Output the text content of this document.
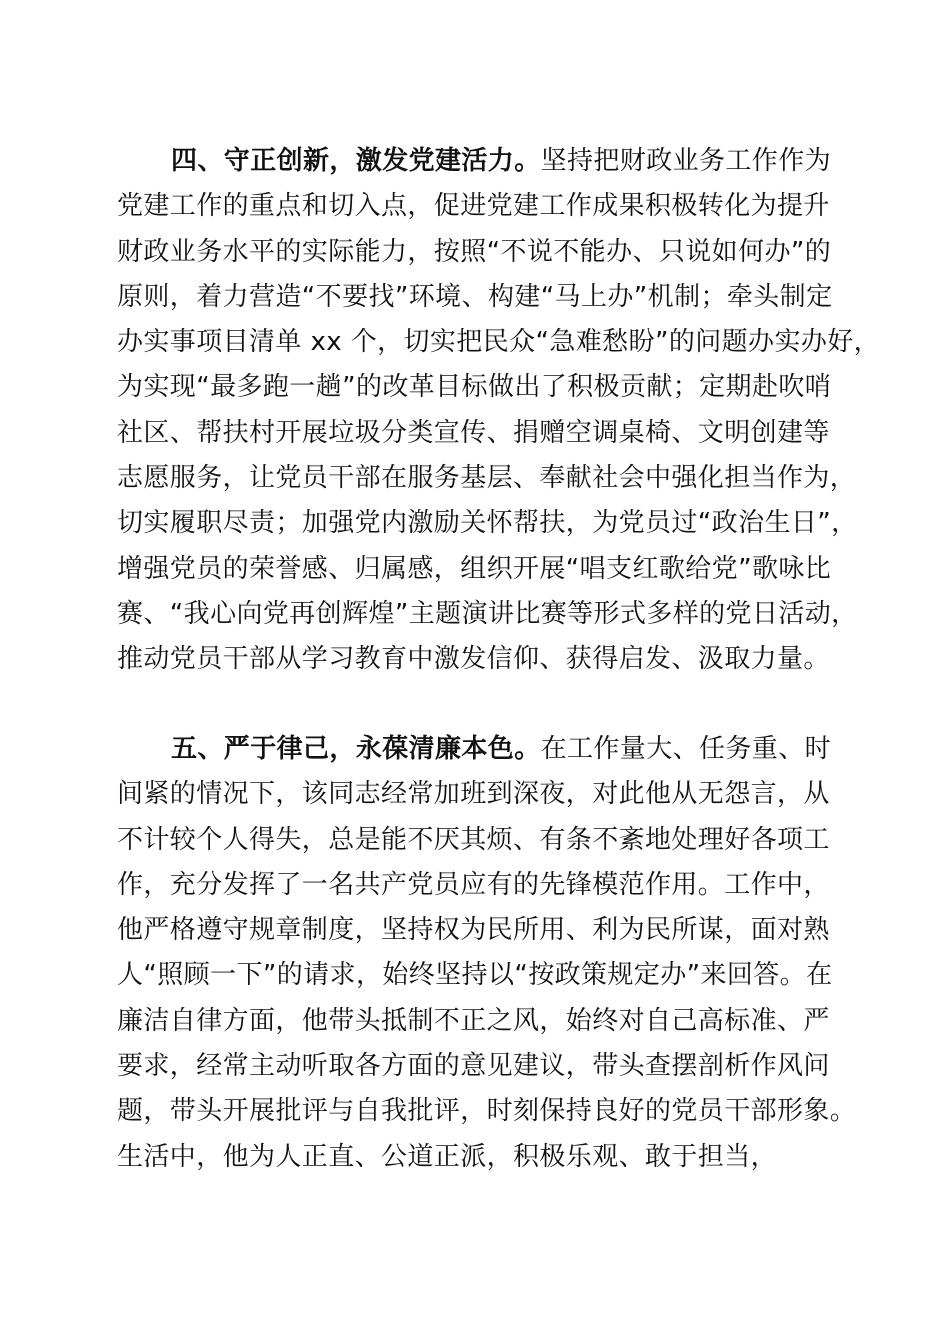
四、守正创新，激发党建活力。坚持把财政业务工作作为
党建工作的重点和切入点，促进党建工作成果积极转化为提升
财政业务水平的实际能力，按照“不说不能办、只说如何办”的
原则，着力营造“不要找”环境、构建“马上办”机制；牵头制定
办实事项目清单 xx 个，切实把民众“急难愁盼”的问题办实办好，
为实现“最多跑一趟”的改革目标做出了积极贡献；定期赴吹哨
社区、帮扶村开展垃圾分类宣传、捐赠空调桌椅、文明创建等
志愿服务，让党员干部在服务基层、奉献社会中强化担当作为，
切实履职尽责；加强党内激励关怀帮扶，为党员过“政治生日”，
增强党员的荣誉感、归属感，组织开展“唱支红歌给党”歌咏比
赛、“我心向党再创辉煌”主题演讲比赛等形式多样的党日活动，
推动党员干部从学习教育中激发信仰、获得启发、汲取力量。
五、严于律己，永葆清廉本色。在工作量大、任务重、时
间紧的情况下，该同志经常加班到深夜，对此他从无怨言，从
不计较个人得失，总是能不厌其烦、有条不紊地处理好各项工
作，充分发挥了一名共产党员应有的先锋模范作用。工作中，
他严格遵守规章制度，坚持权为民所用、利为民所谋，面对熟
人“照顾一下”的请求，始终坚持以“按政策规定办”来回答。在
廉洁自律方面，他带头抵制不正之风，始终对自己高标准、严
要求，经常主动听取各方面的意见建议，带头查摆剖析作风问
题，带头开展批评与自我批评，时刻保持良好的党员干部形象。
生活中，他为人正直、公道正派，积极乐观、敢于担当，
